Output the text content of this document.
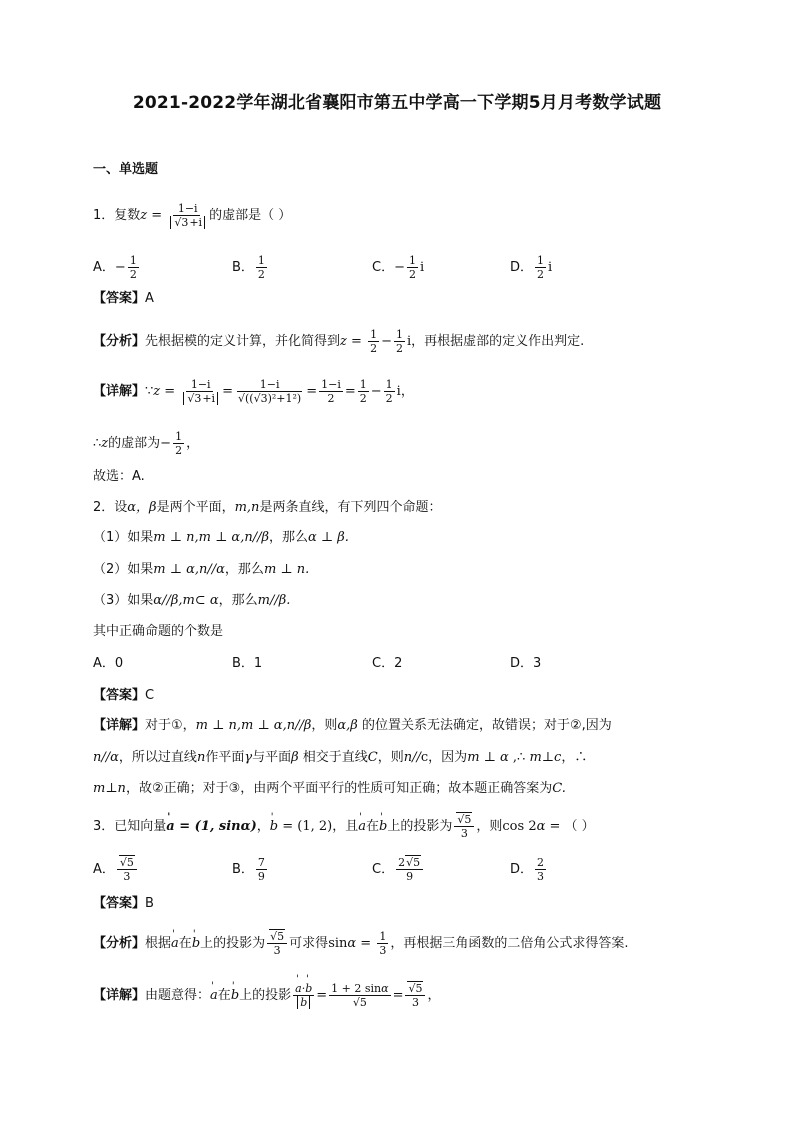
2021-2022学年湖北省襄阳市第五中学高一下学期5月月考数学试题
一、单选题
1．复数$z = \frac{1-i}{√3+i}$ 的虚部是（ ）
A．− $\frac{1}{2}$	B． $\frac{1}{2}$	C．− $\frac{1}{2}$ i	D． $\frac{1}{2}$ i
【答案】A
【分析】先根据模的定义计算，并化简得到$z = \frac{1}{2} - \frac{1}{2}$ i，再根据虚部的定义作出判定.
【详解】∵z = $\frac{1-i}{√3+i} = \frac{1-i}{\text{√((√3)²+1²)}} = \frac{1-i}{2} = \frac{1}{2} - \frac{1}{2}$ i，
∴z的虚部为− $\frac{1}{2}$ ，
故选：A.
2．设α，β是两个平面，m,n是两条直线，有下列四个命题：
（1）如果m ⊥ n,m ⊥ α,n//β，那么α ⊥ β.
（2）如果m ⊥ α,n//α，那么m ⊥ n.
（3）如果α//β,m⊂ α，那么m//β.
其中正确命题的个数是
A．0	B．1	C．2	D．3
【答案】C
【详解】对于①，m ⊥ n,m ⊥ α,n//β，则α,β 的位置关系无法确定，故错误；对于②,因为
n//α，所以过直线n作平面γ与平面β 相交于直线C，则n//c，因为m ⊥ α ,∴ m⊥c，∴
m⊥n，故②正确；对于③，由两个平面平行的性质可知正确；故本题正确答案为C.
3．已知向量' a = (1, sinα)，' b = (1, 2)，且' a在' b上的投影为 $\frac{√5}{3}$ ，则cos 2α = （ ）
A． $\frac{√5}{3}$	B． $\frac{7}{9}$	C． $\frac{2√5}{9}$	D． $\frac{2}{3}$
【答案】B
【分析】根据' a在' b上的投影为 $\frac{√5}{3}$ 可求得$\sin\alpha = \frac{1}{3}$ ，再根据三角函数的二倍角公式求得答案.
【详解】由题意得：' a在' b上的投影
' $\frac{a\cdot' b}{b} = \frac{1 + 2 \sin\alpha}{√5} = \frac{√5}{3}$ ，
